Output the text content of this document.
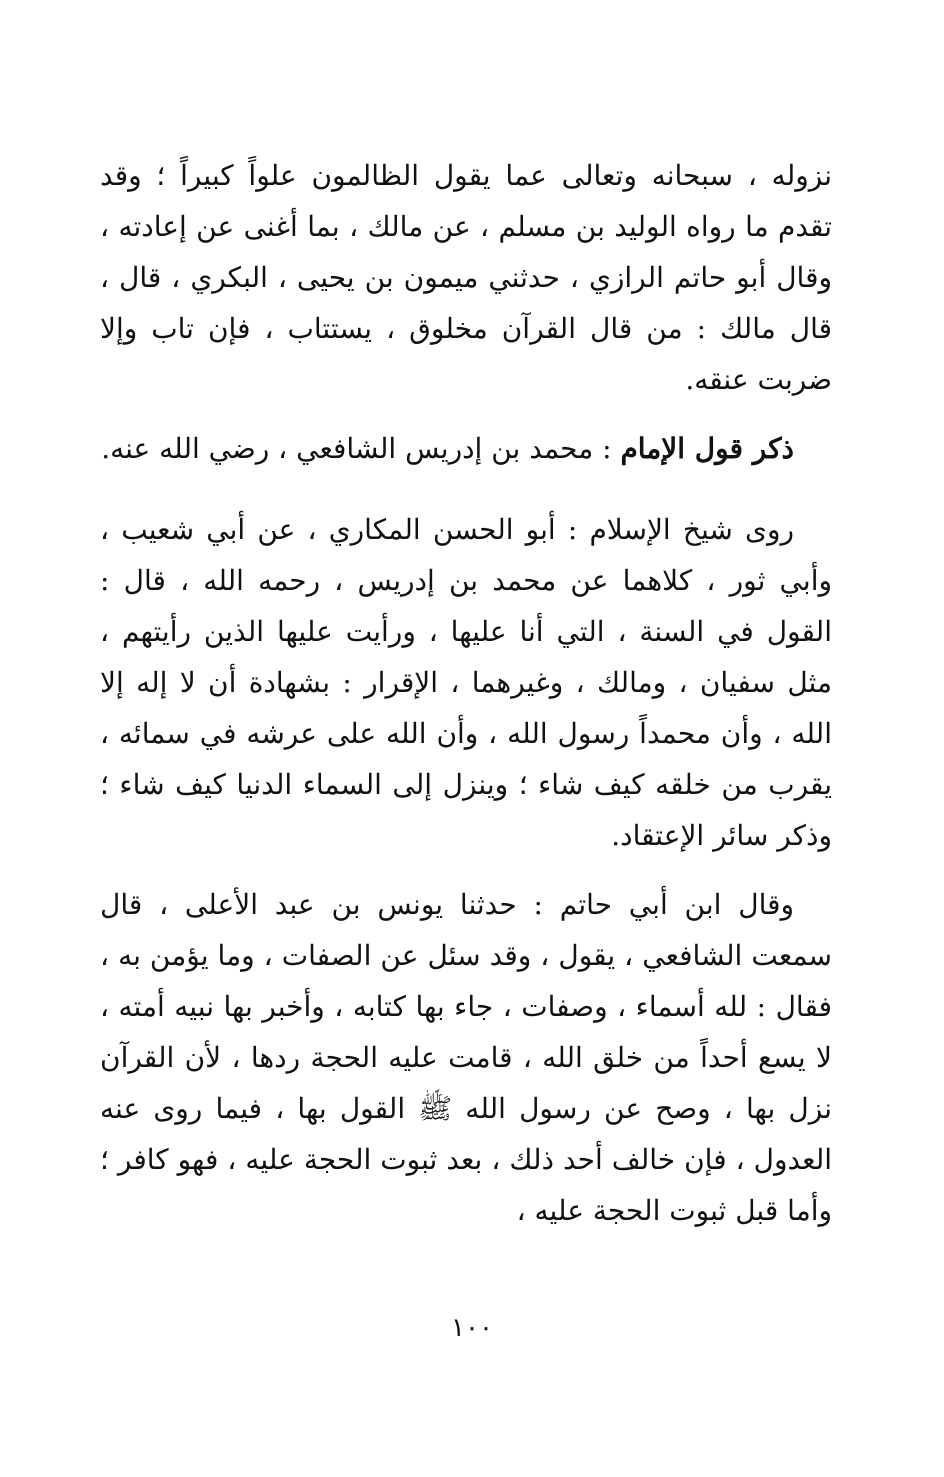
نزوله ، سبحانه وتعالى عما يقول الظالمون علواً كبيراً ؛ وقد تقدم ما رواه الوليد بن مسلم ، عن مالك ، بما أغنى عن إعادته ، وقال أبو حاتم الرازي ، حدثني ميمون بن يحيى ، البكري ، قال ، قال مالك : من قال القرآن مخلوق ، يستتاب ، فإن تاب وإلا ضربت عنقه.

ذكر قول الإمام : محمد بن إدريس الشافعي ، رضي الله عنه.

روى شيخ الإسلام : أبو الحسن المكاري ، عن أبي شعيب ، وأبي ثور ، كلاهما عن محمد بن إدريس ، رحمه الله ، قال : القول في السنة ، التي أنا عليها ، ورأيت عليها الذين رأيتهم ، مثل سفيان ، ومالك ، وغيرهما ، الإقرار : بشهادة أن لا إله إلا الله ، وأن محمداً رسول الله ، وأن الله على عرشه في سمائه ، يقرب من خلقه كيف شاء ؛ وينزل إلى السماء الدنيا كيف شاء ؛ وذكر سائر الإعتقاد.

وقال ابن أبي حاتم : حدثنا يونس بن عبد الأعلى ، قال سمعت الشافعي ، يقول ، وقد سئل عن الصفات ، وما يؤمن به ، فقال : لله أسماء ، وصفات ، جاء بها كتابه ، وأخبر بها نبيه أمته ، لا يسع أحداً من خلق الله ، قامت عليه الحجة ردها ، لأن القرآن نزل بها ، وصح عن رسول الله ﷺ القول بها ، فيما روى عنه العدول ، فإن خالف أحد ذلك ، بعد ثبوت الحجة عليه ، فهو كافر ؛ وأما قبل ثبوت الحجة عليه ،

١٠٠
